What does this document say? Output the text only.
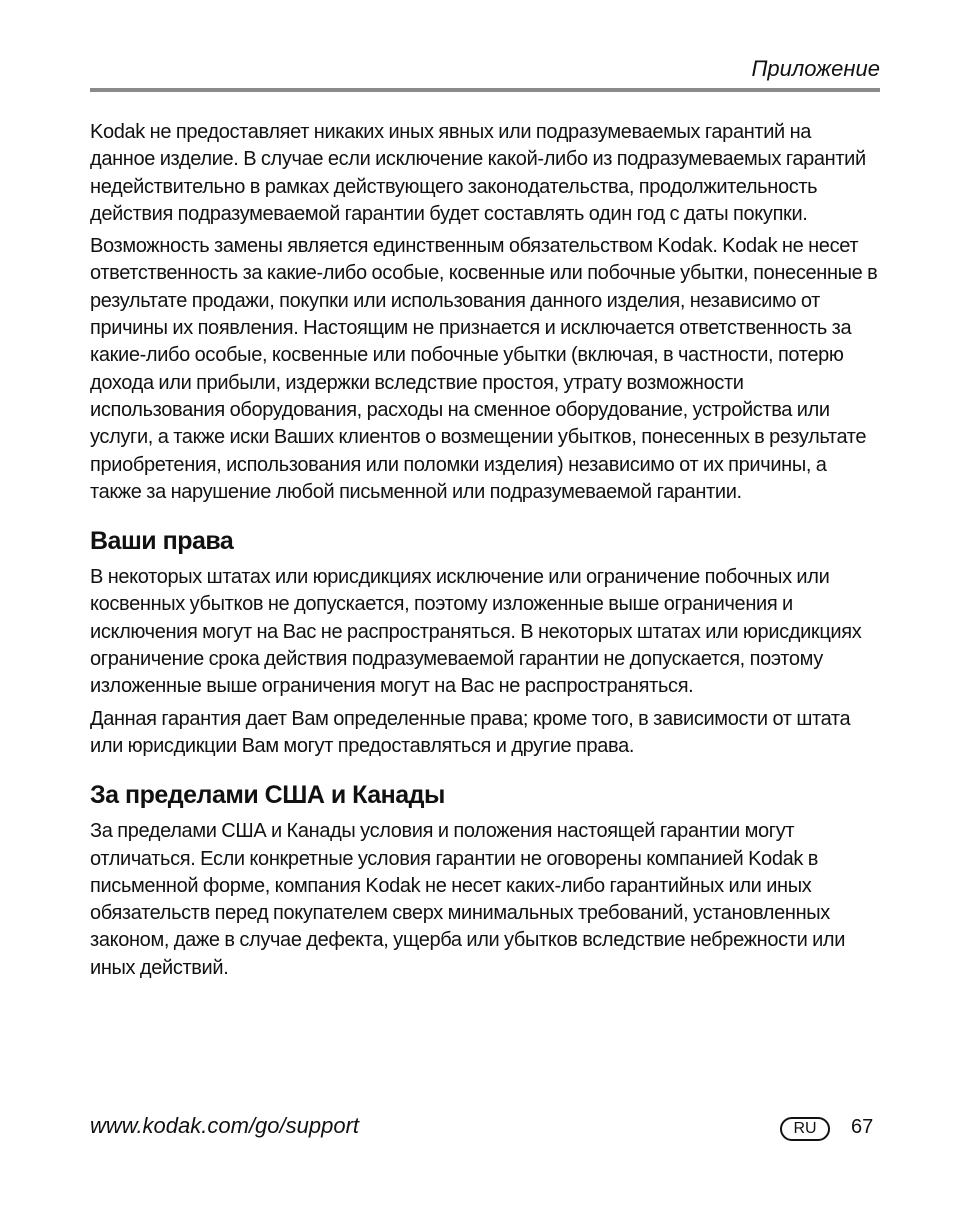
Приложение

Kodak не предоставляет никаких иных явных или подразумеваемых гарантий на данное изделие. В случае если исключение какой-либо из подразумеваемых гарантий недействительно в рамках действующего законодательства, продолжительность действия подразумеваемой гарантии будет составлять один год с даты покупки.

Возможность замены является единственным обязательством Kodak. Kodak не несет ответственность за какие-либо особые, косвенные или побочные убытки, понесенные в результате продажи, покупки или использования данного изделия, независимо от причины их появления. Настоящим не признается и исключается ответственность за какие-либо особые, косвенные или побочные убытки (включая, в частности, потерю дохода или прибыли, издержки вследствие простоя, утрату возможности использования оборудования, расходы на сменное оборудование, устройства или услуги, а также иски Ваших клиентов о возмещении убытков, понесенных в результате приобретения, использования или поломки изделия) независимо от их причины, а также за нарушение любой письменной или подразумеваемой гарантии.

Ваши права

В некоторых штатах или юрисдикциях исключение или ограничение побочных или косвенных убытков не допускается, поэтому изложенные выше ограничения и исключения могут на Вас не распространяться. В некоторых штатах или юрисдикциях ограничение срока действия подразумеваемой гарантии не допускается, поэтому изложенные выше ограничения могут на Вас не распространяться.

Данная гарантия дает Вам определенные права; кроме того, в зависимости от штата или юрисдикции Вам могут предоставляться и другие права.

За пределами США и Канады

За пределами США и Канады условия и положения настоящей гарантии могут отличаться. Если конкретные условия гарантии не оговорены компанией Kodak в письменной форме, компания Kodak не несет каких-либо гарантийных или иных обязательств перед покупателем сверх минимальных требований, установленных законом, даже в случае дефекта, ущерба или убытков вследствие небрежности или иных действий.

www.kodak.com/go/support	RU	67
